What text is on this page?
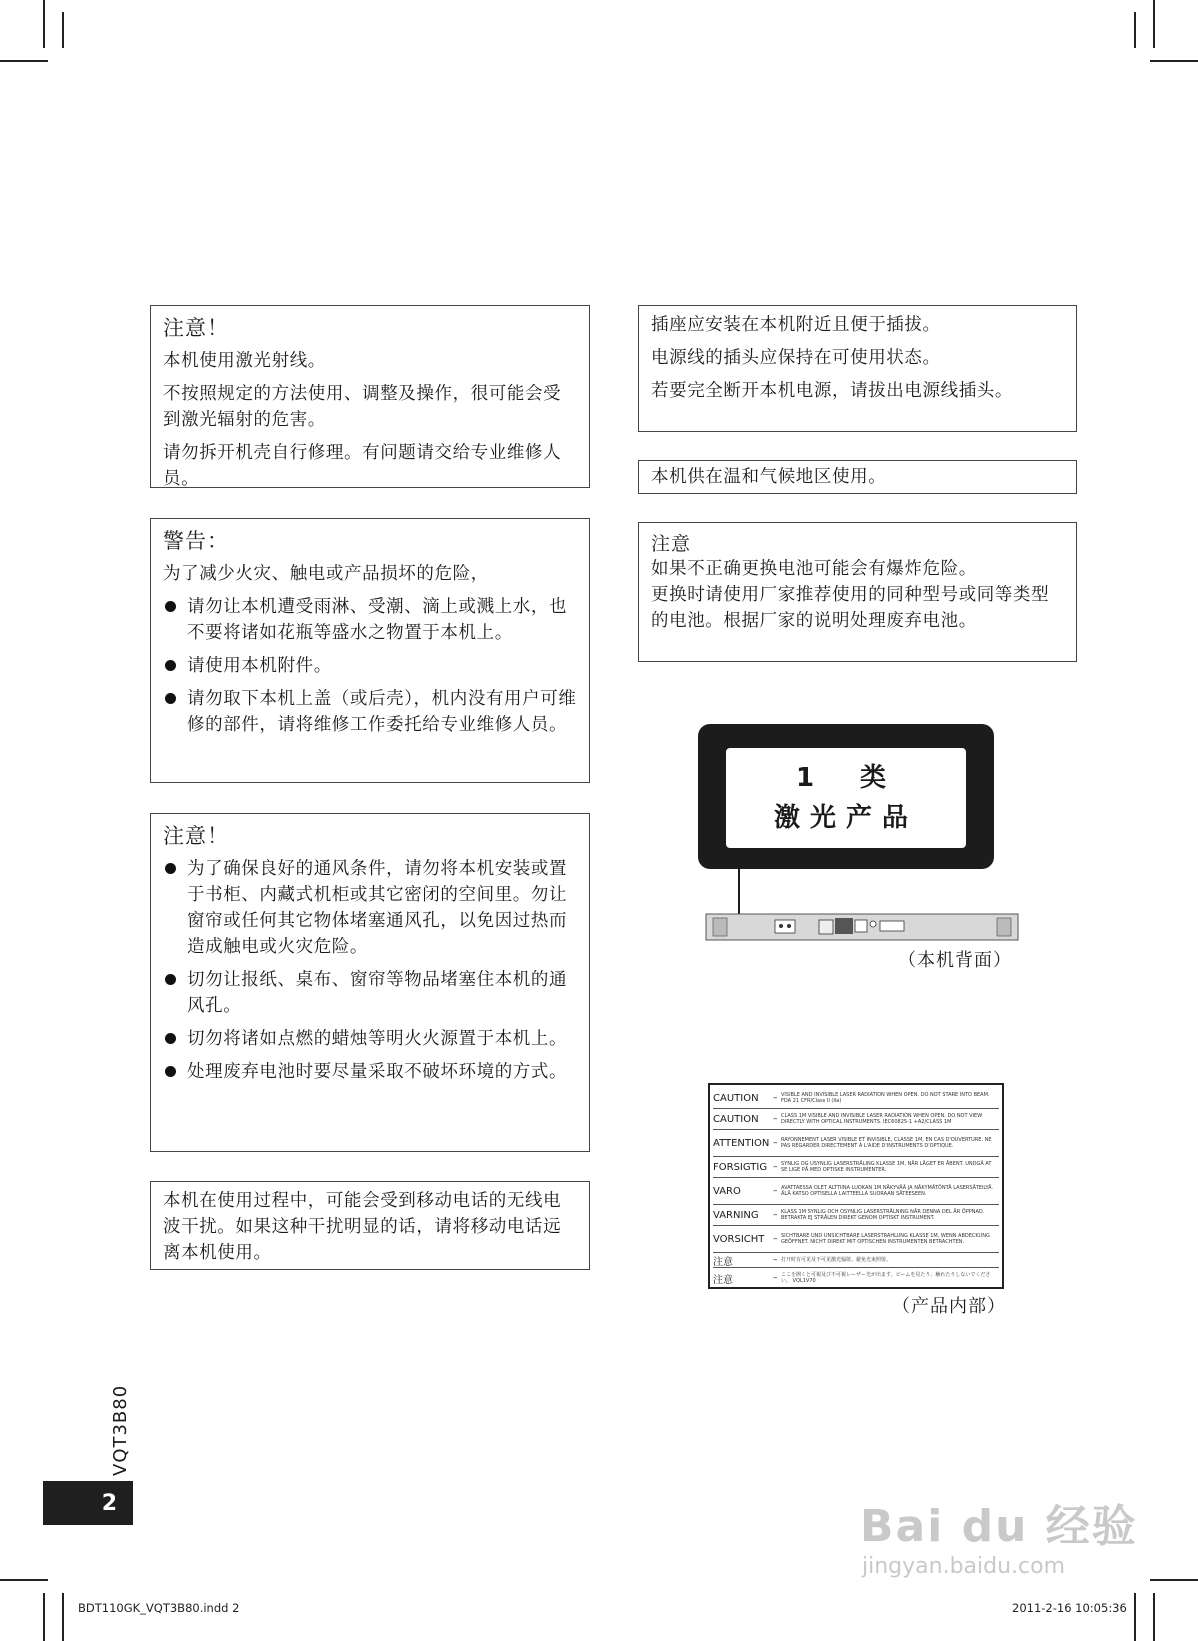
注意！

本机使用激光射线。

不按照规定的方法使用、调整及操作，很可能会受到激光辐射的危害。

请勿拆开机壳自行修理。有问题请交给专业维修人员。

警告：

为了减少火灾、触电或产品损坏的危险，

请勿让本机遭受雨淋、受潮、滴上或溅上水，也不要将诸如花瓶等盛水之物置于本机上。
请使用本机附件。
请勿取下本机上盖（或后壳），机内没有用户可维修的部件，请将维修工作委托给专业维修人员。
注意！
为了确保良好的通风条件，请勿将本机安装或置于书柜、内藏式机柜或其它密闭的空间里。勿让窗帘或任何其它物体堵塞通风孔，以免因过热而造成触电或火灾危险。
切勿让报纸、桌布、窗帘等物品堵塞住本机的通风孔。
切勿将诸如点燃的蜡烛等明火火源置于本机上。
处理废弃电池时要尽量采取不破坏环境的方式。

本机在使用过程中，可能会受到移动电话的无线电波干扰。如果这种干扰明显的话，请将移动电话远离本机使用。

插座应安装在本机附近且便于插拔。

电源线的插头应保持在可使用状态。

若要完全断开本机电源，请拔出电源线插头。

本机供在温和气候地区使用。

注意

如果不正确更换电池可能会有爆炸危险。

更换时请使用厂家推荐使用的同种型号或同等类型的电池。根据厂家的说明处理废弃电池。

1　类
激光产品
（本机背面）
CAUTION	– VISIBLE AND INVISIBLE LASER RADIATION WHEN OPEN. DO NOT STARE INTO BEAM. FDA 21 CFR/Class II (IIa)
CAUTION	– CLASS 1M VISIBLE AND INVISIBLE LASER RADIATION WHEN OPEN. DO NOT VIEW DIRECTLY WITH OPTICAL INSTRUMENTS. IEC60825-1 +A2/CLASS 1M
ATTENTION – RAYONNEMENT LASER VISIBLE ET INVISIBLE, CLASSE 1M, EN CAS D'OUVERTURE. NE PAS REGARDER DIRECTEMENT À L'AIDE D'INSTRUMENTS D'OPTIQUE.
FORSIGTIG – SYNLIG OG USYNLIG LASERSTRÅLING KLASSE 1M, NÅR LÅGET ER ÅBENT. UNDGÅ AT SE LIGE PÅ MED OPTISKE INSTRUMENTER.
VARO	– AVATTAESSA OLET ALTTIINA LUOKAN 1M NÄKYVÄÄ JA NÄKYMÄTÖNTÄ LASERSÄTEILYÄ. ÄLÄ KATSO OPTISELLA LAITTEELLA SUORAAN SÄTEESEEN.
VARNING	– KLASS 1M SYNLIG OCH OSYNLIG LASERSTRÅLNING NÄR DENNA DEL ÄR ÖPPNAD. BETRAKTA EJ STRÅLEN DIREKT GENOM OPTISKT INSTRUMENT.
VORSICHT – SICHTBARE UND UNSICHTBARE LASERSTRAHLUNG KLASSE 1M, WENN ABDECKUNG GEÖFFNET. NICHT DIREKT MIT OPTISCHEN INSTRUMENTEN BETRACHTEN.
注意	– 打开时有可见及不可见激光辐射。避免光束照射。
注意	– ここを開くと可視及び不可視レーザー光が出ます。ビームを見たり、触れたりしないでください。 VQL1V70
（产品内部）
2
VQT3B80
Bai du 经验
jingyan.baidu.com
BDT110GK_VQT3B80.indd 2	2011-2-16 10:05:36
